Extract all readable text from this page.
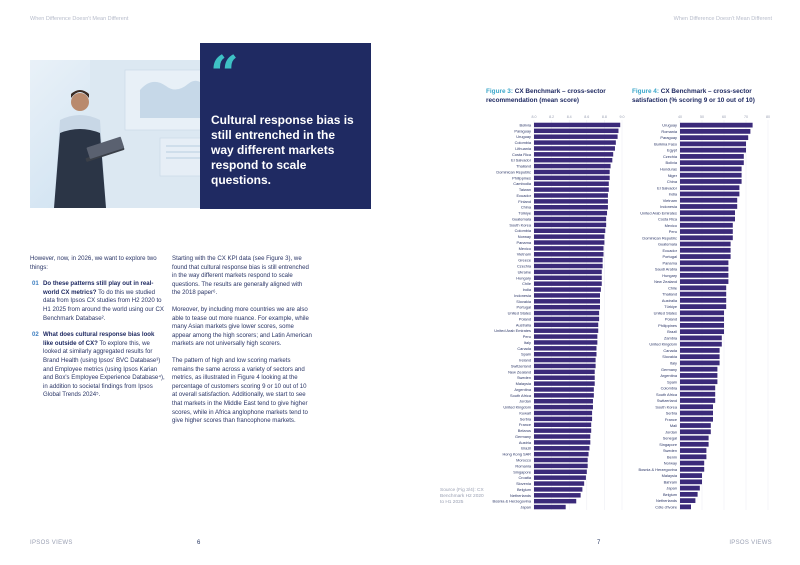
When Difference Doesn't Mean Different
“
Cultural response bias is still entrenched in the way different markets respond to scale questions.

However, now, in 2026, we want to explore two things:

01 Do these patterns still play out in real-world CX metrics? To do this we studied data from Ipsos CX studies from H2 2020 to H1 2025 from around the world using our CX Benchmark Database².
02 What does cultural response bias look like outside of CX? To explore this, we looked at similarly aggregated results for Brand Health (using Ipsos' BVC Database³) and Employee metrics (using Ipsos Karian and Box's Employee Experience Database⁴), in addition to societal findings from Ipsos Global Trends 2024⁵.

Starting with the CX KPI data (see Figure 3), we found that cultural response bias is still entrenched in the way different markets respond to scale questions. The results are generally aligned with the 2018 paper⁶.

Moreover, by including more countries we are also able to tease out more nuance. For example, while many Asian markets give lower scores, some appear among the high scorers; and Latin American markets are not universally high scorers.

The pattern of high and low scoring markets remains the same across a variety of sectors and metrics, as illustrated in Figure 4 looking at the percentage of customers scoring 9 or 10 out of 10 at overall satisfaction. Additionally, we start to see that markets in the Middle East tend to give higher scores, while in Africa anglophone markets tend to give higher scores than francophone markets.

IPSOS VIEWS	6
When Difference Doesn't Mean Different
7	IPSOS VIEWS
Figure 3: CX Benchmark – cross-sector recommendation (mean score)
Figure 4: CX Benchmark – cross-sector satisfaction (% scoring 9 or 10 out of 10)
8.0	8.2	8.4	8.6	8.8	9.0
Bolivia
Paraguay
Uruguay
Colombia
Lithuania
Costa Rica
El Salvador
Thailand
Dominican Republic
Philippines
Cambodia
Taiwan
Ecuador
Finland
China
Türkiye
Guatemala
South Korea
Colombia
Norway
Panama
Mexico
Vietnam
Greece
Czechia
Ukraine
Hungary
Chile
India
Indonesia
Slovakia
Portugal
United States
Poland
Australia
United Arab Emirates
Peru
Italy
Canada
Spain
Ireland
Switzerland
New Zealand
Sweden
Malaysia
Argentina
South Africa
Jordan
United Kingdom
Kuwait
Serbia
France
Belarus
Germany
Austria
Brazil
Hong Kong SAR
Morocco
Romania
Singapore
Croatia
Slovenia
Belgium
Netherlands
Bosnia & Herzegovina
Japan
40	50	60	70	80
Uruguay
Romania
Paraguay
Burkina Faso
Egypt
Czechia
Bolivia
Honduras
Niger
China
El Salvador
India
Vietnam
Indonesia
United Arab Emirates
Costa Rica
Mexico
Peru
Dominican Republic
Guatemala
Ecuador
Portugal
Panama
Saudi Arabia
Hungary
New Zealand
Chile
Thailand
Australia
Türkiye
United States
Poland
Philippines
Brazil
Zambia
United Kingdom
Canada
Slovakia
Italy
Germany
Argentina
Spain
Colombia
South Africa
Switzerland
South Korea
Serbia
France
Mali
Jordan
Senegal
Singapore
Sweden
Benin
Norway
Bosnia & Herzegovina
Malaysia
Bahrain
Japan
Belgium
Netherlands
Côte d'Ivoire
Source (Fig 3/4): CX Benchmark H2 2020 to H1 2025
